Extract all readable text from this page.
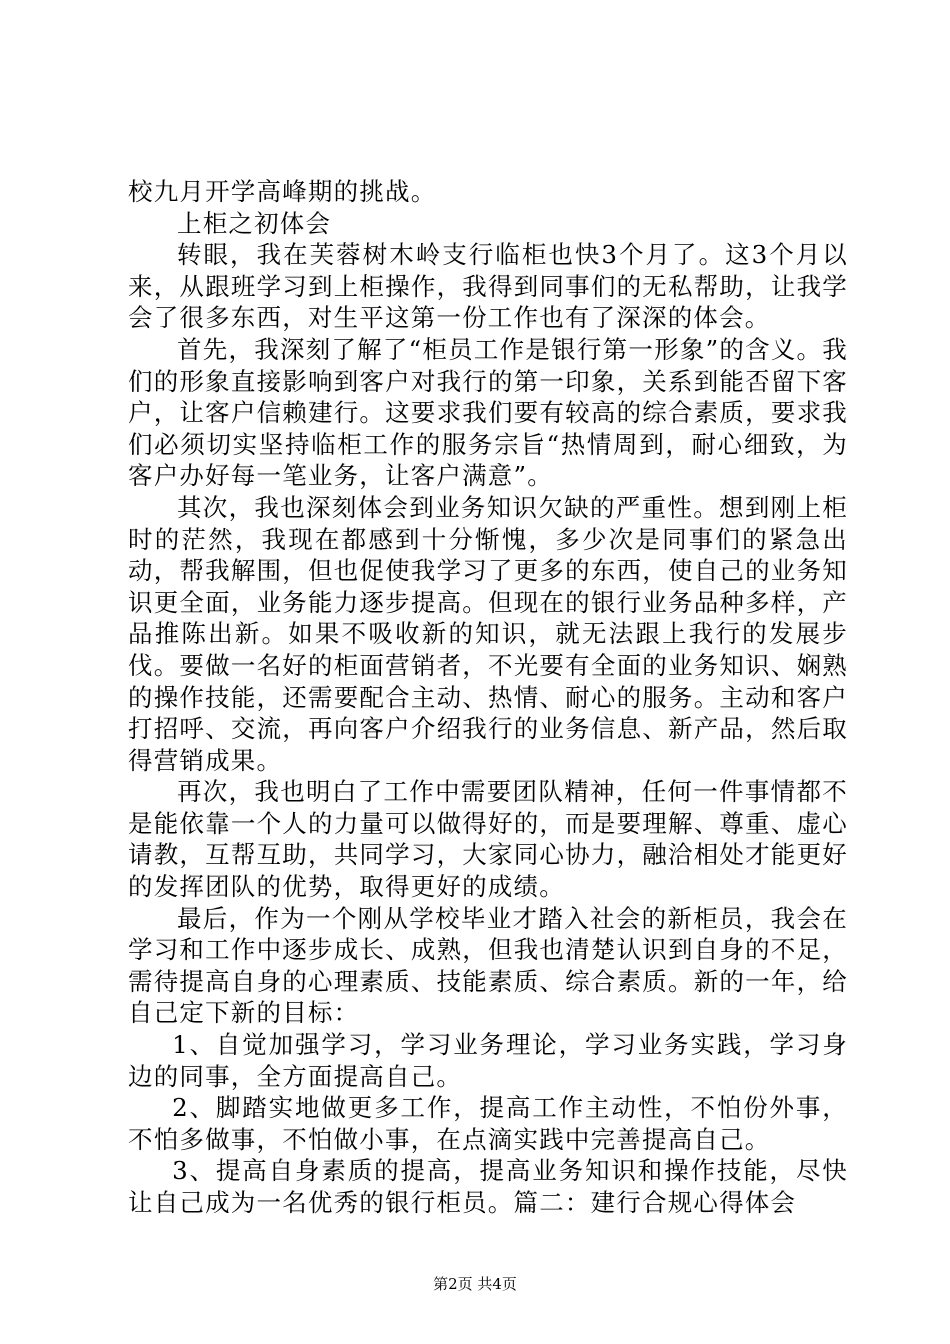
校九月开学高峰期的挑战。

上柜之初体会

转眼，我在芙蓉树木岭支行临柜也快3个月了。这3个月以来，从跟班学习到上柜操作，我得到同事们的无私帮助，让我学会了很多东西，对生平这第一份工作也有了深深的体会。

首先，我深刻了解了“柜员工作是银行第一形象”的含义。我们的形象直接影响到客户对我行的第一印象，关系到能否留下客户，让客户信赖建行。这要求我们要有较高的综合素质，要求我们必须切实坚持临柜工作的服务宗旨“热情周到，耐心细致，为客户办好每一笔业务，让客户满意”。

其次，我也深刻体会到业务知识欠缺的严重性。想到刚上柜时的茫然，我现在都感到十分惭愧，多少次是同事们的紧急出动，帮我解围，但也促使我学习了更多的东西，使自己的业务知识更全面，业务能力逐步提高。但现在的银行业务品种多样，产品推陈出新。如果不吸收新的知识，就无法跟上我行的发展步伐。要做一名好的柜面营销者，不光要有全面的业务知识、娴熟的操作技能，还需要配合主动、热情、耐心的服务。主动和客户打招呼、交流，再向客户介绍我行的业务信息、新产品，然后取得营销成果。

再次，我也明白了工作中需要团队精神，任何一件事情都不是能依靠一个人的力量可以做得好的，而是要理解、尊重、虚心请教，互帮互助，共同学习，大家同心协力，融洽相处才能更好的发挥团队的优势，取得更好的成绩。

最后，作为一个刚从学校毕业才踏入社会的新柜员，我会在学习和工作中逐步成长、成熟，但我也清楚认识到自身的不足，需待提高自身的心理素质、技能素质、综合素质。新的一年，给自己定下新的目标：

1、自觉加强学习，学习业务理论，学习业务实践，学习身边的同事，全方面提高自己。

2、脚踏实地做更多工作，提高工作主动性，不怕份外事，不怕多做事，不怕做小事，在点滴实践中完善提高自己。

3、提高自身素质的提高，提高业务知识和操作技能，尽快让自己成为一名优秀的银行柜员。篇二：建行合规心得体会

第2页 共4页
